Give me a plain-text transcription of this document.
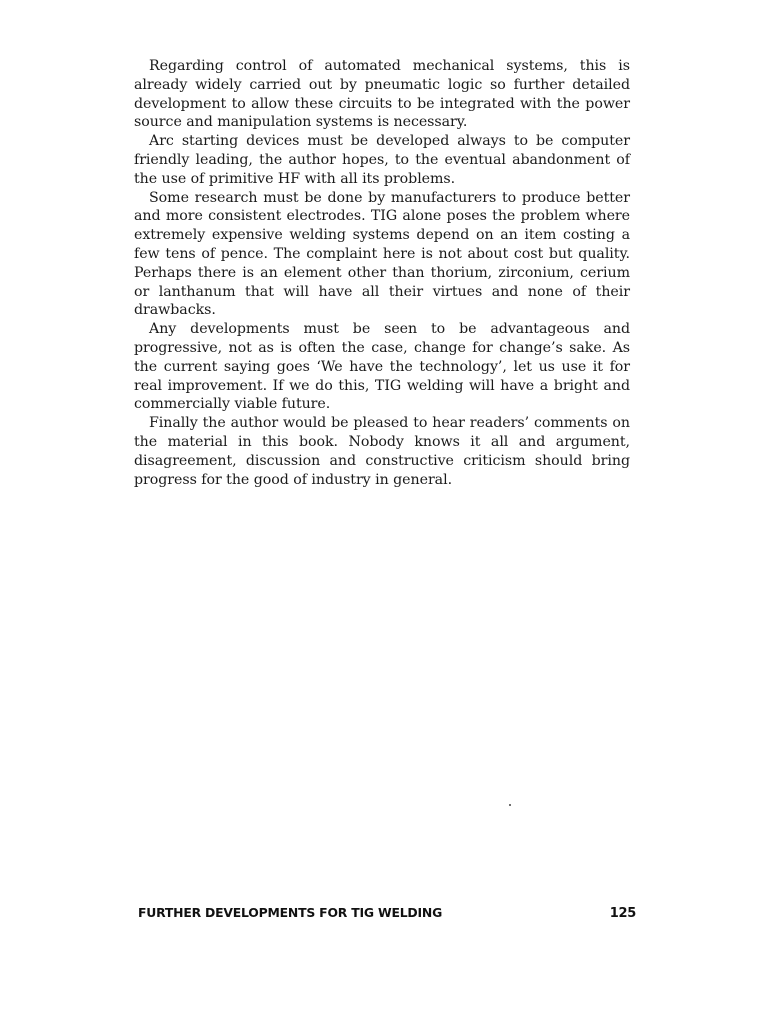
Regarding control of automated mechanical systems, this is already widely carried out by pneumatic logic so further detailed development to allow these circuits to be integrated with the power source and manipulation systems is necessary.

Arc starting devices must be developed always to be computer friendly leading, the author hopes, to the eventual abandonment of the use of primitive HF with all its problems.

Some research must be done by manufacturers to produce better and more consistent electrodes. TIG alone poses the problem where extremely expensive welding systems depend on an item costing a few tens of pence. The complaint here is not about cost but quality. Perhaps there is an element other than thorium, zirconium, cerium or lanthanum that will have all their virtues and none of their drawbacks.

Any developments must be seen to be advantageous and progressive, not as is often the case, change for change’s sake. As the current saying goes ‘We have the technology’, let us use it for real improvement. If we do this, TIG welding will have a bright and commercially viable future.

Finally the author would be pleased to hear readers’ comments on the material in this book. Nobody knows it all and argument, disagreement, discussion and constructive criticism should bring progress for the good of industry in general.

FURTHER DEVELOPMENTS FOR TIG WELDING	125
